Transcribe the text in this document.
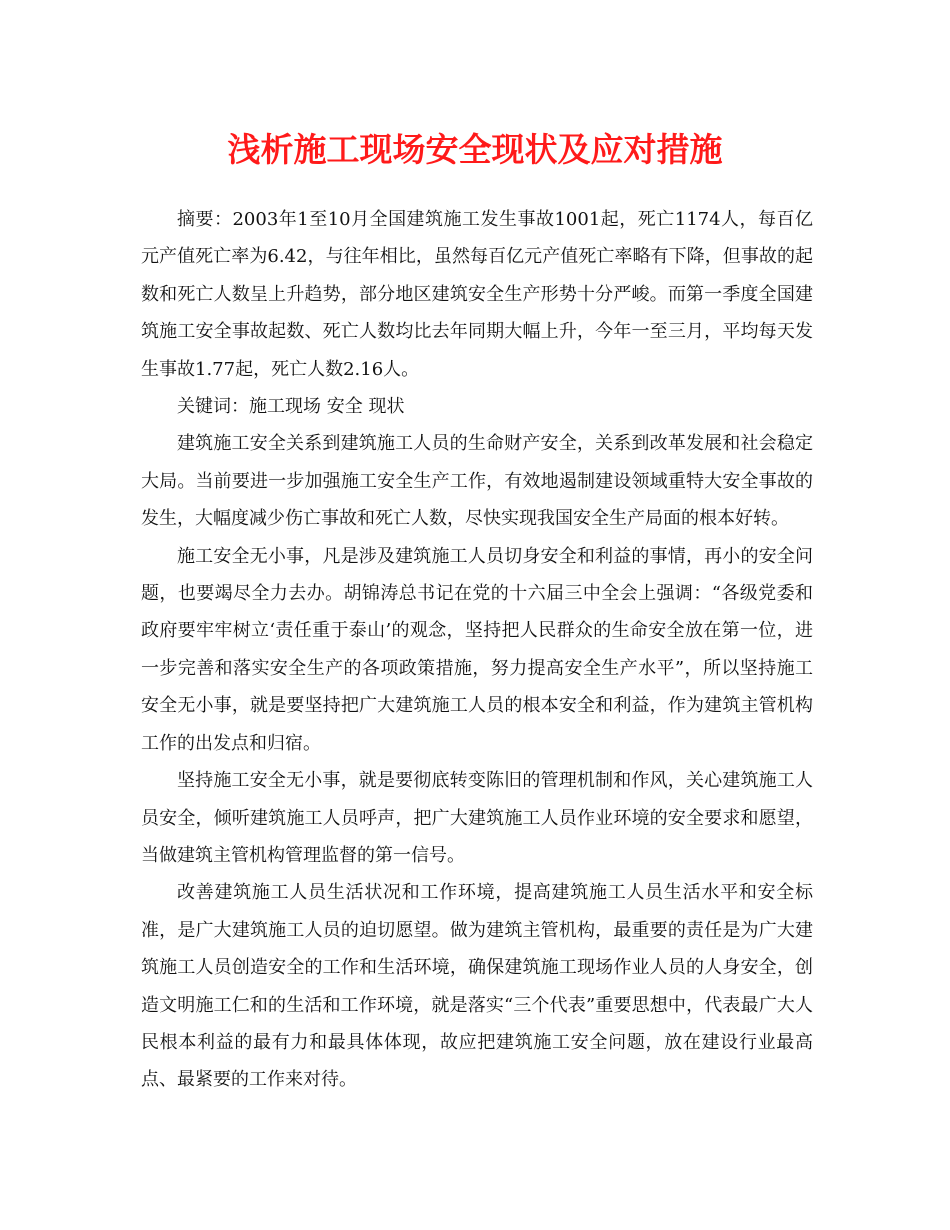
浅析施工现场安全现状及应对措施

摘要：2003年1至10月全国建筑施工发生事故1001起，死亡1174人，每百亿元产值死亡率为6.42，与往年相比，虽然每百亿元产值死亡率略有下降，但事故的起数和死亡人数呈上升趋势，部分地区建筑安全生产形势十分严峻。而第一季度全国建筑施工安全事故起数、死亡人数均比去年同期大幅上升，今年一至三月，平均每天发生事故1.77起，死亡人数2.16人。

关键词：施工现场 安全 现状

建筑施工安全关系到建筑施工人员的生命财产安全，关系到改革发展和社会稳定大局。当前要进一步加强施工安全生产工作，有效地遏制建设领域重特大安全事故的发生，大幅度减少伤亡事故和死亡人数，尽快实现我国安全生产局面的根本好转。

施工安全无小事，凡是涉及建筑施工人员切身安全和利益的事情，再小的安全问题，也要竭尽全力去办。胡锦涛总书记在党的十六届三中全会上强调：“各级党委和政府要牢牢树立‘责任重于泰山’的观念，坚持把人民群众的生命安全放在第一位，进一步完善和落实安全生产的各项政策措施，努力提高安全生产水平”，所以坚持施工安全无小事，就是要坚持把广大建筑施工人员的根本安全和利益，作为建筑主管机构工作的出发点和归宿。

坚持施工安全无小事，就是要彻底转变陈旧的管理机制和作风，关心建筑施工人员安全，倾听建筑施工人员呼声，把广大建筑施工人员作业环境的安全要求和愿望，当做建筑主管机构管理监督的第一信号。

改善建筑施工人员生活状况和工作环境，提高建筑施工人员生活水平和安全标准，是广大建筑施工人员的迫切愿望。做为建筑主管机构，最重要的责任是为广大建筑施工人员创造安全的工作和生活环境，确保建筑施工现场作业人员的人身安全，创造文明施工仁和的生活和工作环境，就是落实“三个代表”重要思想中，代表最广大人民根本利益的最有力和最具体体现，故应把建筑施工安全问题，放在建设行业最高点、最紧要的工作来对待。
